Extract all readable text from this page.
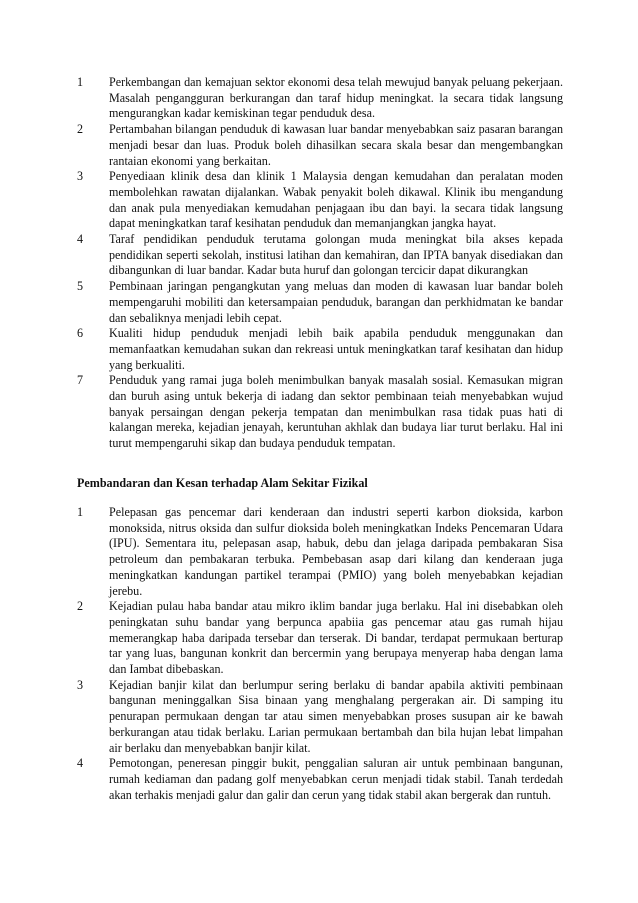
1	Perkembangan dan kemajuan sektor ekonomi desa telah mewujud banyak peluang pekerjaan. Masalah pengangguran berkurangan dan taraf hidup meningkat. la secara tidak langsung mengurangkan kadar kemiskinan tegar penduduk desa.
2	Pertambahan bilangan penduduk di kawasan luar bandar menyebabkan saiz pasaran barangan menjadi besar dan luas. Produk boleh dihasilkan secara skala besar dan mengembangkan rantaian ekonomi yang berkaitan.
3	Penyediaan klinik desa dan klinik 1 Malaysia dengan kemudahan dan peralatan moden membolehkan rawatan dijalankan. Wabak penyakit boleh dikawal. Klinik ibu mengandung dan anak pula menyediakan kemudahan penjagaan ibu dan bayi. la secara tidak langsung dapat meningkatkan taraf kesihatan penduduk dan memanjangkan jangka hayat.
4	Taraf pendidikan penduduk terutama golongan muda meningkat bila akses kepada pendidikan seperti sekolah, institusi latihan dan kemahiran, dan IPTA banyak disediakan dan dibangunkan di luar bandar. Kadar buta huruf dan golongan tercicir dapat dikurangkan
5	Pembinaan jaringan pengangkutan yang meluas dan moden di kawasan luar bandar boleh mempengaruhi mobiliti dan ketersampaian penduduk, barangan dan perkhidmatan ke bandar dan sebaliknya menjadi lebih cepat.
6	Kualiti hidup penduduk menjadi lebih baik apabila penduduk menggunakan dan memanfaatkan kemudahan sukan dan rekreasi untuk meningkatkan taraf kesihatan dan hidup yang berkualiti.
7	Penduduk yang ramai juga boleh menimbulkan banyak masalah sosial. Kemasukan migran dan buruh asing untuk bekerja di iadang dan sektor pembinaan teiah menyebabkan wujud banyak persaingan dengan pekerja tempatan dan menimbulkan rasa tidak puas hati di kalangan mereka, kejadian jenayah, keruntuhan akhlak dan budaya liar turut berlaku. Hal ini turut mempengaruhi sikap dan budaya penduduk tempatan.
Pembandaran dan Kesan terhadap Alam Sekitar Fizikal
1	Pelepasan gas pencemar dari kenderaan dan industri seperti karbon dioksida, karbon monoksida, nitrus oksida dan sulfur dioksida boleh meningkatkan Indeks Pencemaran Udara (IPU). Sementara itu, pelepasan asap, habuk, debu dan jelaga daripada pembakaran Sisa petroleum dan pembakaran terbuka. Pembebasan asap dari kilang dan kenderaan juga meningkatkan kandungan partikel terampai (PMIO) yang boleh menyebabkan kejadian jerebu.
2	Kejadian pulau haba bandar atau mikro iklim bandar juga berlaku. Hal ini disebabkan oleh peningkatan suhu bandar yang berpunca apabiia gas pencemar atau gas rumah hijau memerangkap haba daripada tersebar dan terserak. Di bandar, terdapat permukaan berturap tar yang luas, bangunan konkrit dan bercermin yang berupaya menyerap haba dengan lama dan Iambat dibebaskan.
3	Kejadian banjir kilat dan berlumpur sering berlaku di bandar apabila aktiviti pembinaan bangunan meninggalkan Sisa binaan yang menghalang pergerakan air. Di samping itu penurapan permukaan dengan tar atau simen menyebabkan proses susupan air ke bawah berkurangan atau tidak berlaku. Larian permukaan bertambah dan bila hujan lebat limpahan air berlaku dan menyebabkan banjir kilat.
4	Pemotongan, peneresan pinggir bukit, penggalian saluran air untuk pembinaan bangunan, rumah kediaman dan padang golf menyebabkan cerun menjadi tidak stabil. Tanah terdedah akan terhakis menjadi galur dan galir dan cerun yang tidak stabil akan bergerak dan runtuh.
